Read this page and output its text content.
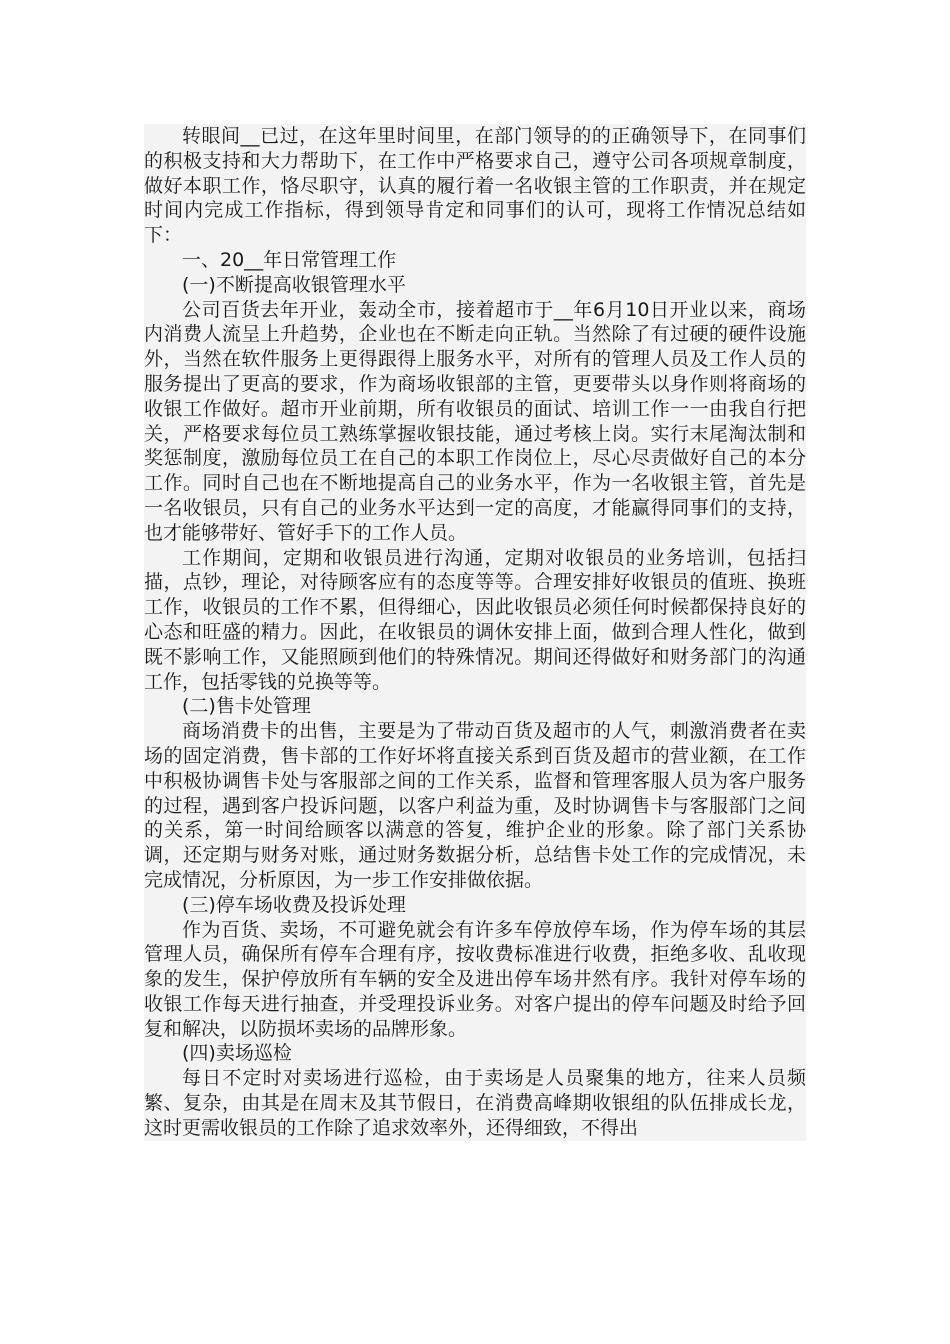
转眼间__已过，在这年里时间里，在部门领导的的正确领导下，在同事们的积极支持和大力帮助下，在工作中严格要求自己，遵守公司各项规章制度，做好本职工作，恪尽职守，认真的履行着一名收银主管的工作职责，并在规定时间内完成工作指标，得到领导肯定和同事们的认可，现将工作情况总结如下：

一、20__年日常管理工作

(一)不断提高收银管理水平

公司百货去年开业，轰动全市，接着超市于__年6月10日开业以来，商场内消费人流呈上升趋势，企业也在不断走向正轨。当然除了有过硬的硬件设施外，当然在软件服务上更得跟得上服务水平，对所有的管理人员及工作人员的服务提出了更高的要求，作为商场收银部的主管，更要带头以身作则将商场的收银工作做好。超市开业前期，所有收银员的面试、培训工作一一由我自行把关，严格要求每位员工熟练掌握收银技能，通过考核上岗。实行末尾淘汰制和奖惩制度，激励每位员工在自己的本职工作岗位上，尽心尽责做好自己的本分工作。同时自己也在不断地提高自己的业务水平，作为一名收银主管，首先是一名收银员，只有自己的业务水平达到一定的高度，才能赢得同事们的支持，也才能够带好、管好手下的工作人员。

工作期间，定期和收银员进行沟通，定期对收银员的业务培训，包括扫描，点钞，理论，对待顾客应有的态度等等。合理安排好收银员的值班、换班工作，收银员的工作不累，但得细心，因此收银员必须任何时候都保持良好的心态和旺盛的精力。因此，在收银员的调休安排上面，做到合理人性化，做到既不影响工作，又能照顾到他们的特殊情况。期间还得做好和财务部门的沟通工作，包括零钱的兑换等等。

(二)售卡处管理

商场消费卡的出售，主要是为了带动百货及超市的人气，刺激消费者在卖场的固定消费，售卡部的工作好坏将直接关系到百货及超市的营业额，在工作中积极协调售卡处与客服部之间的工作关系，监督和管理客服人员为客户服务的过程，遇到客户投诉问题，以客户利益为重，及时协调售卡与客服部门之间的关系，第一时间给顾客以满意的答复，维护企业的形象。除了部门关系协调，还定期与财务对账，通过财务数据分析，总结售卡处工作的完成情况，未完成情况，分析原因，为一步工作安排做依据。

(三)停车场收费及投诉处理

作为百货、卖场，不可避免就会有许多车停放停车场，作为停车场的其层管理人员，确保所有停车合理有序，按收费标准进行收费，拒绝多收、乱收现象的发生，保护停放所有车辆的安全及进出停车场井然有序。我针对停车场的收银工作每天进行抽查，并受理投诉业务。对客户提出的停车问题及时给予回复和解决，以防损坏卖场的品牌形象。

(四)卖场巡检

每日不定时对卖场进行巡检，由于卖场是人员聚集的地方，往来人员频繁、复杂，由其是在周末及其节假日，在消费高峰期收银组的队伍排成长龙，这时更需收银员的工作除了追求效率外，还得细致，不得出
